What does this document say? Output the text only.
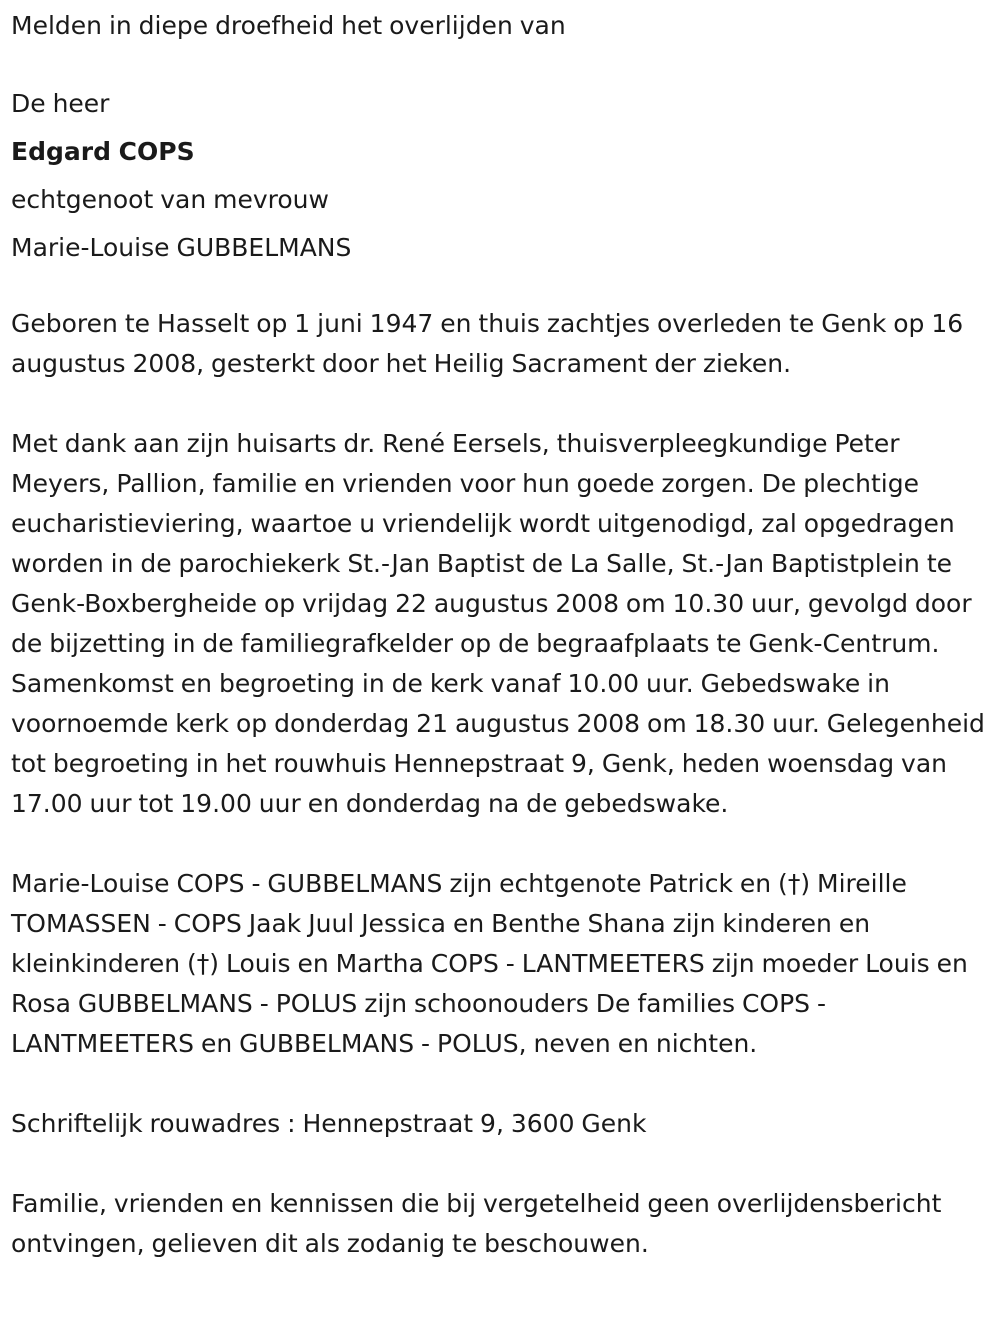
Melden in diepe droefheid het overlijden van

De heer

Edgard COPS

echtgenoot van mevrouw

Marie-Louise GUBBELMANS

Geboren te Hasselt op 1 juni 1947 en thuis zachtjes overleden te Genk op 16 augustus 2008, gesterkt door het Heilig Sacrament der zieken.

Met dank aan zijn huisarts dr. René Eersels, thuisverpleegkundige Peter Meyers, Pallion, familie en vrienden voor hun goede zorgen. De plechtige eucharistieviering, waartoe u vriendelijk wordt uitgenodigd, zal opgedragen worden in de parochiekerk St.-Jan Baptist de La Salle, St.-Jan Baptistplein te Genk-Boxbergheide op vrijdag 22 augustus 2008 om 10.30 uur, gevolgd door de bijzetting in de familiegrafkelder op de begraafplaats te Genk-Centrum. Samenkomst en begroeting in de kerk vanaf 10.00 uur. Gebedswake in voornoemde kerk op donderdag 21 augustus 2008 om 18.30 uur. Gelegenheid tot begroeting in het rouwhuis Hennepstraat 9, Genk, heden woensdag van 17.00 uur tot 19.00 uur en donderdag na de gebedswake.

Marie-Louise COPS - GUBBELMANS zijn echtgenote Patrick en (†) Mireille TOMASSEN - COPS Jaak Juul Jessica en Benthe Shana zijn kinderen en kleinkinderen (†) Louis en Martha COPS - LANTMEETERS zijn moeder Louis en Rosa GUBBELMANS - POLUS zijn schoonouders De families COPS - LANTMEETERS en GUBBELMANS - POLUS, neven en nichten.

Schriftelijk rouwadres : Hennepstraat 9, 3600 Genk

Familie, vrienden en kennissen die bij vergetelheid geen overlijdensbericht ontvingen, gelieven dit als zodanig te beschouwen.
